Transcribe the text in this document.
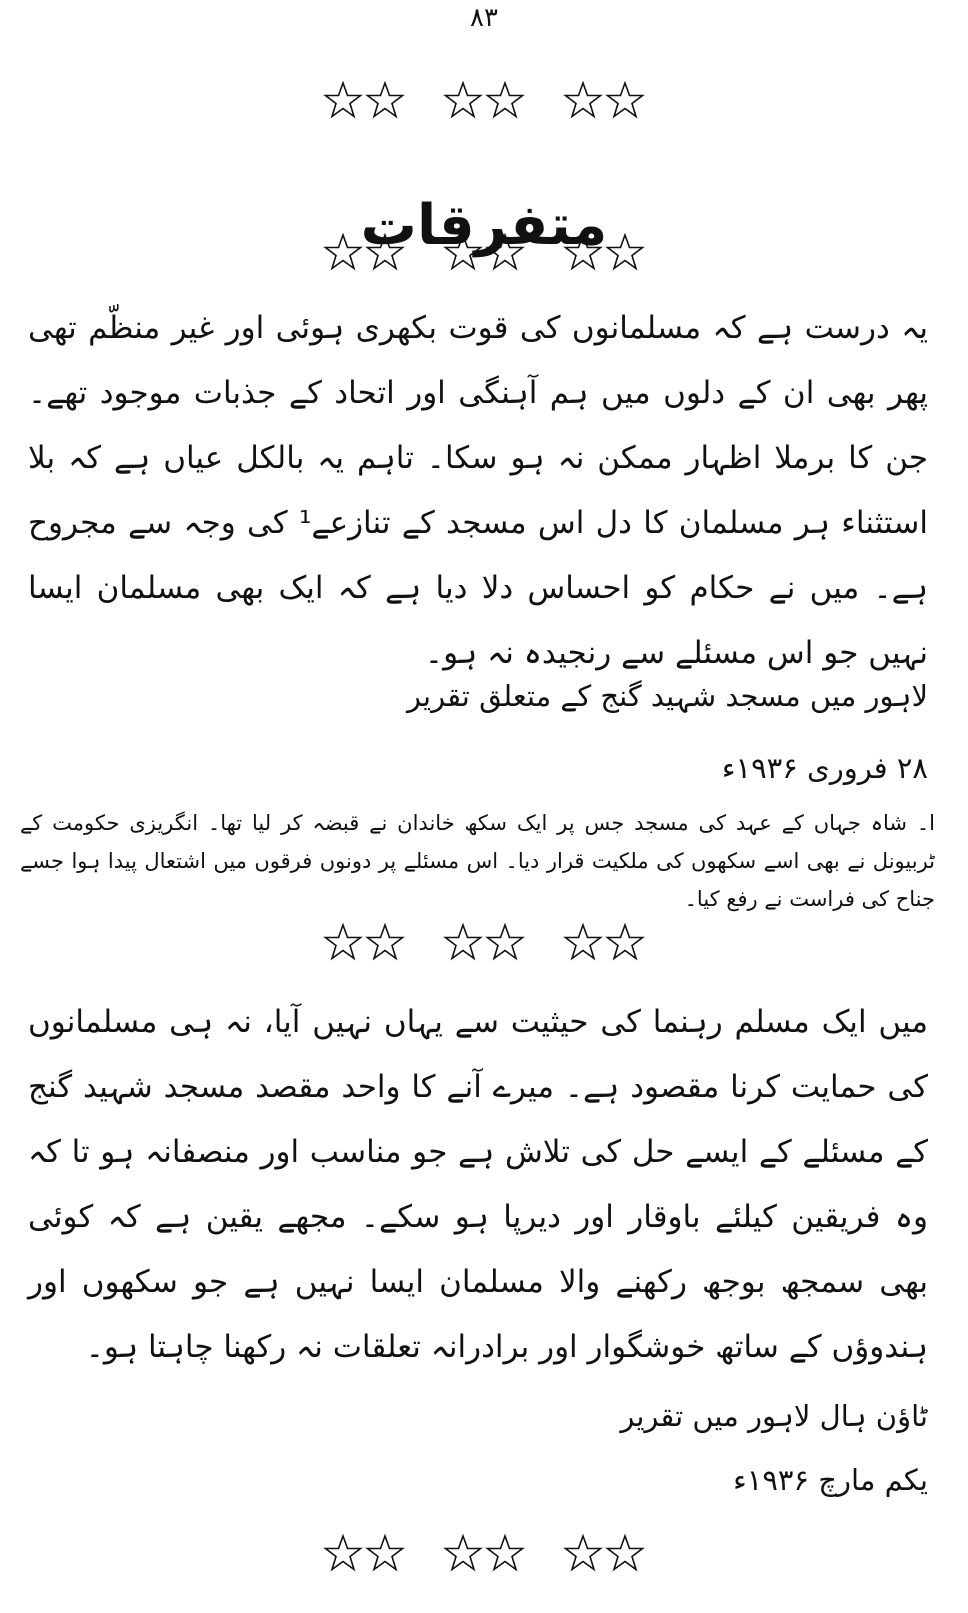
۸۳
متفرقات

یہ درست ہے کہ مسلمانوں کی قوت بکھری ہوئی اور غیر منظّم تھی پھر بھی ان کے دلوں میں ہم آہنگی اور اتحاد کے جذبات موجود تھے۔ جن کا برملا اظہار ممکن نہ ہو سکا۔ تاہم یہ بالکل عیاں ہے کہ بلا استثناء ہر مسلمان کا دل اس مسجد کے تنازعے¹ کی وجہ سے مجروح ہے۔ میں نے حکام کو احساس دلا دیا ہے کہ ایک بھی مسلمان ایسا نہیں جو اس مسئلے سے رنجیدہ نہ ہو۔

لاہور میں مسجد شہید گنج کے متعلق تقریر

۲۸ فروری ۱۹۳۶ء

ا۔ شاہ جہاں کے عہد کی مسجد جس پر ایک سکھ خاندان نے قبضہ کر لیا تھا۔ انگریزی حکومت کے ٹربیونل نے بھی اسے سکھوں کی ملکیت قرار دیا۔ اس مسئلے پر دونوں فرقوں میں اشتعال پیدا ہوا جسے جناح کی فراست نے رفع کیا۔

میں ایک مسلم رہنما کی حیثیت سے یہاں نہیں آیا، نہ ہی مسلمانوں کی حمایت کرنا مقصود ہے۔ میرے آنے کا واحد مقصد مسجد شہید گنج کے مسئلے کے ایسے حل کی تلاش ہے جو مناسب اور منصفانہ ہو تا کہ وہ فریقین کیلئے باوقار اور دیرپا ہو سکے۔ مجھے یقین ہے کہ کوئی بھی سمجھ بوجھ رکھنے والا مسلمان ایسا نہیں ہے جو سکھوں اور ہندوؤں کے ساتھ خوشگوار اور برادرانہ تعلقات نہ رکھنا چاہتا ہو۔

ٹاؤن ہال لاہور میں تقریر

یکم مارچ ۱۹۳۶ء
